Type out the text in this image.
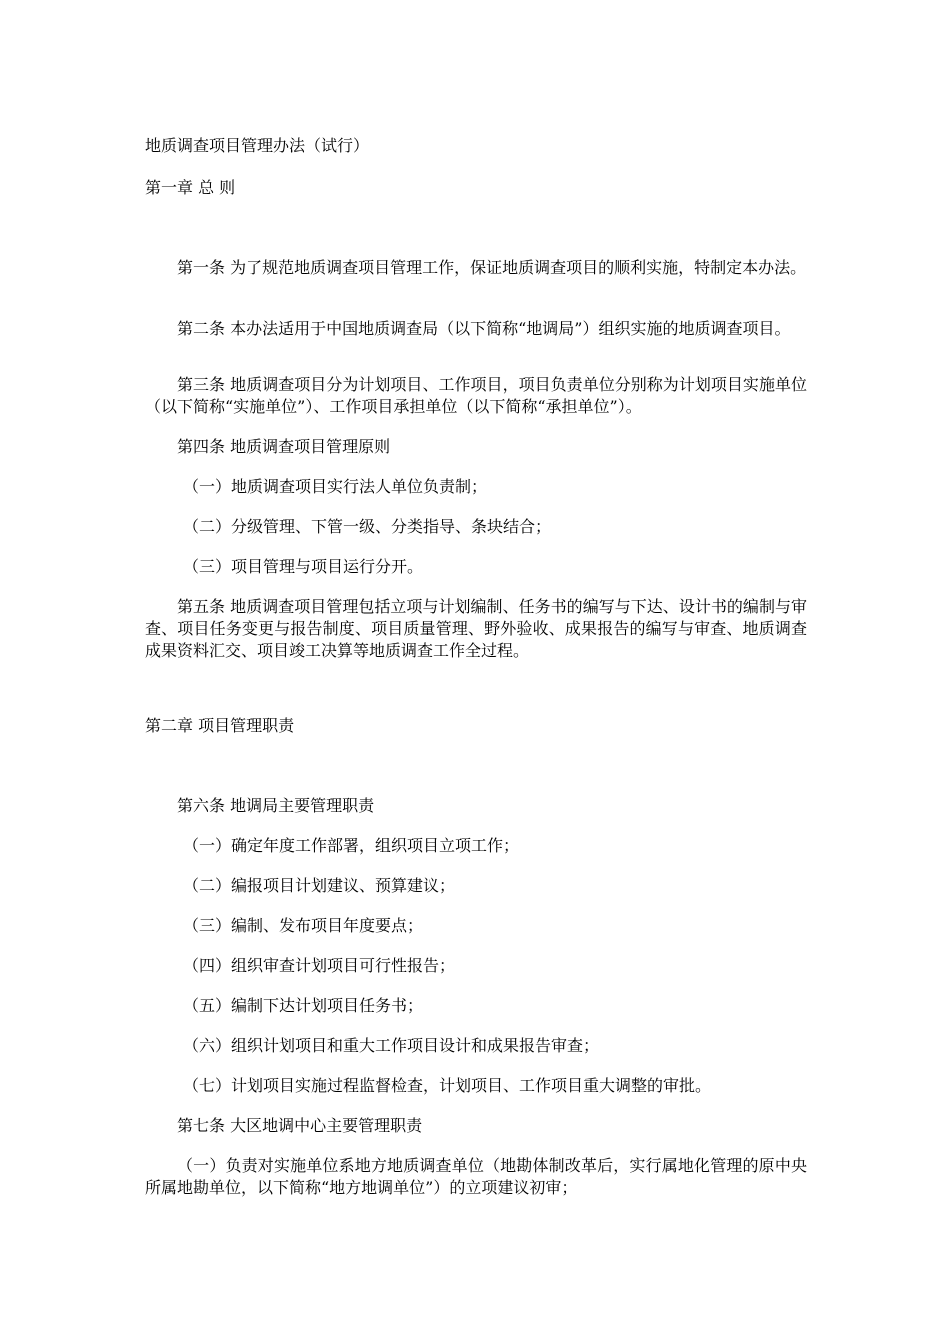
地质调查项目管理办法（试行）
第一章 总 则
第一条 为了规范地质调查项目管理工作，保证地质调查项目的顺利实施，特制定本办法。
第二条 本办法适用于中国地质调查局（以下简称“地调局”）组织实施的地质调查项目。
第三条 地质调查项目分为计划项目、工作项目，项目负责单位分别称为计划项目实施单位（以下简称“实施单位”）、工作项目承担单位（以下简称“承担单位”）。
第四条 地质调查项目管理原则
（一）地质调查项目实行法人单位负责制；
（二）分级管理、下管一级、分类指导、条块结合；
（三）项目管理与项目运行分开。
第五条 地质调查项目管理包括立项与计划编制、任务书的编写与下达、设计书的编制与审查、项目任务变更与报告制度、项目质量管理、野外验收、成果报告的编写与审查、地质调查成果资料汇交、项目竣工决算等地质调查工作全过程。
第二章 项目管理职责
第六条 地调局主要管理职责
（一）确定年度工作部署，组织项目立项工作；
（二）编报项目计划建议、预算建议；
（三）编制、发布项目年度要点；
（四）组织审查计划项目可行性报告；
（五）编制下达计划项目任务书；
（六）组织计划项目和重大工作项目设计和成果报告审查；
（七）计划项目实施过程监督检查，计划项目、工作项目重大调整的审批。
第七条 大区地调中心主要管理职责
（一）负责对实施单位系地方地质调查单位（地勘体制改革后，实行属地化管理的原中央所属地勘单位，以下简称“地方地调单位”）的立项建议初审；
